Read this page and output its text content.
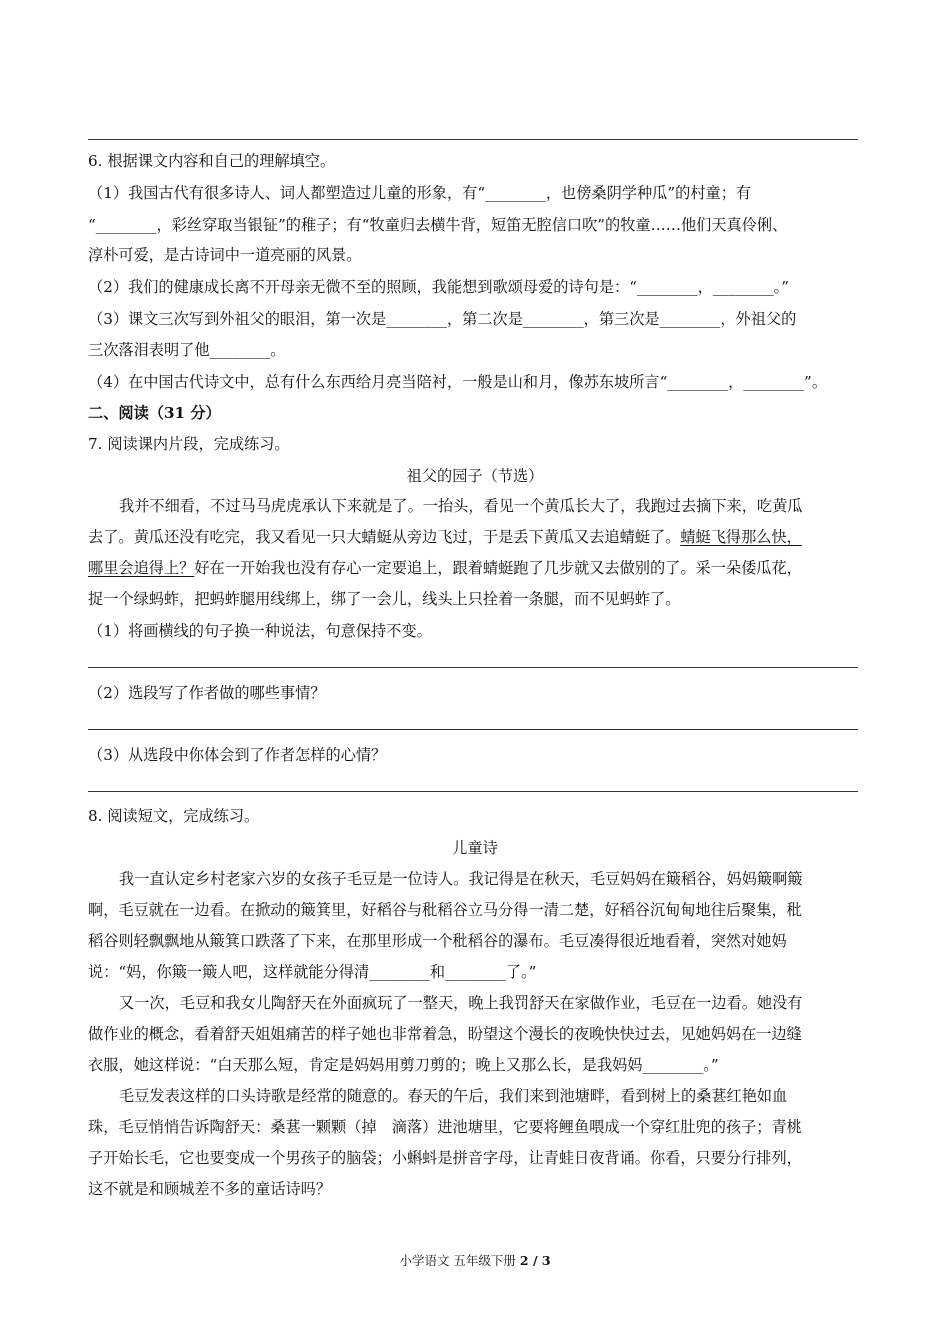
6. 根据课文内容和自己的理解填空。
（1）我国古代有很多诗人、词人都塑造过儿童的形象，有“________，也傍桑阴学种瓜”的村童；有
“________，彩丝穿取当银钲”的稚子；有“牧童归去横牛背，短笛无腔信口吹”的牧童……他们天真伶俐、
淳朴可爱，是古诗词中一道亮丽的风景。
（2）我们的健康成长离不开母亲无微不至的照顾，我能想到歌颂母爱的诗句是：“________，________。”
（3）课文三次写到外祖父的眼泪，第一次是________，第二次是________，第三次是________，外祖父的
三次落泪表明了他________。
（4）在中国古代诗文中，总有什么东西给月亮当陪衬，一般是山和月，像苏东坡所言“________，________”。
二、阅读（31 分）
7. 阅读课内片段，完成练习。
祖父的园子（节选）
我并不细看，不过马马虎虎承认下来就是了。一抬头，看见一个黄瓜长大了，我跑过去摘下来，吃黄瓜
去了。黄瓜还没有吃完，我又看见一只大蜻蜓从旁边飞过，于是丢下黄瓜又去追蜻蜓了。蜻蜓飞得那么快，
哪里会追得上？好在一开始我也没有存心一定要追上，跟着蜻蜓跑了几步就又去做别的了。采一朵倭瓜花，
捉一个绿蚂蚱，把蚂蚱腿用线绑上，绑了一会儿，线头上只拴着一条腿，而不见蚂蚱了。
（1）将画横线的句子换一种说法，句意保持不变。
（2）选段写了作者做的哪些事情？
（3）从选段中你体会到了作者怎样的心情？
8. 阅读短文，完成练习。
儿童诗
我一直认定乡村老家六岁的女孩子毛豆是一位诗人。我记得是在秋天，毛豆妈妈在簸稻谷，妈妈簸啊簸
啊，毛豆就在一边看。在掀动的簸箕里，好稻谷与秕稻谷立马分得一清二楚，好稻谷沉甸甸地往后聚集，秕
稻谷则轻飘飘地从簸箕口跌落了下来，在那里形成一个秕稻谷的瀑布。毛豆凑得很近地看着，突然对她妈
说：“妈，你簸一簸人吧，这样就能分得清________和________了。”
又一次，毛豆和我女儿陶舒天在外面疯玩了一整天，晚上我罚舒天在家做作业，毛豆在一边看。她没有
做作业的概念，看着舒天姐姐痛苦的样子她也非常着急，盼望这个漫长的夜晚快快过去，见她妈妈在一边缝
衣服，她这样说：“白天那么短，肯定是妈妈用剪刀剪的；晚上又那么长，是我妈妈________。”
毛豆发表这样的口头诗歌是经常的随意的。春天的午后，我们来到池塘畔，看到树上的桑葚红艳如血
珠，毛豆悄悄告诉陶舒天：桑葚一颗颗（掉　滴落）进池塘里，它要将鲤鱼喂成一个穿红肚兜的孩子；青桃
子开始长毛，它也要变成一个男孩子的脑袋；小蝌蚪是拼音字母，让青蛙日夜背诵。你看，只要分行排列，
这不就是和顾城差不多的童话诗吗？
小学语文 五年级下册 2 / 3
